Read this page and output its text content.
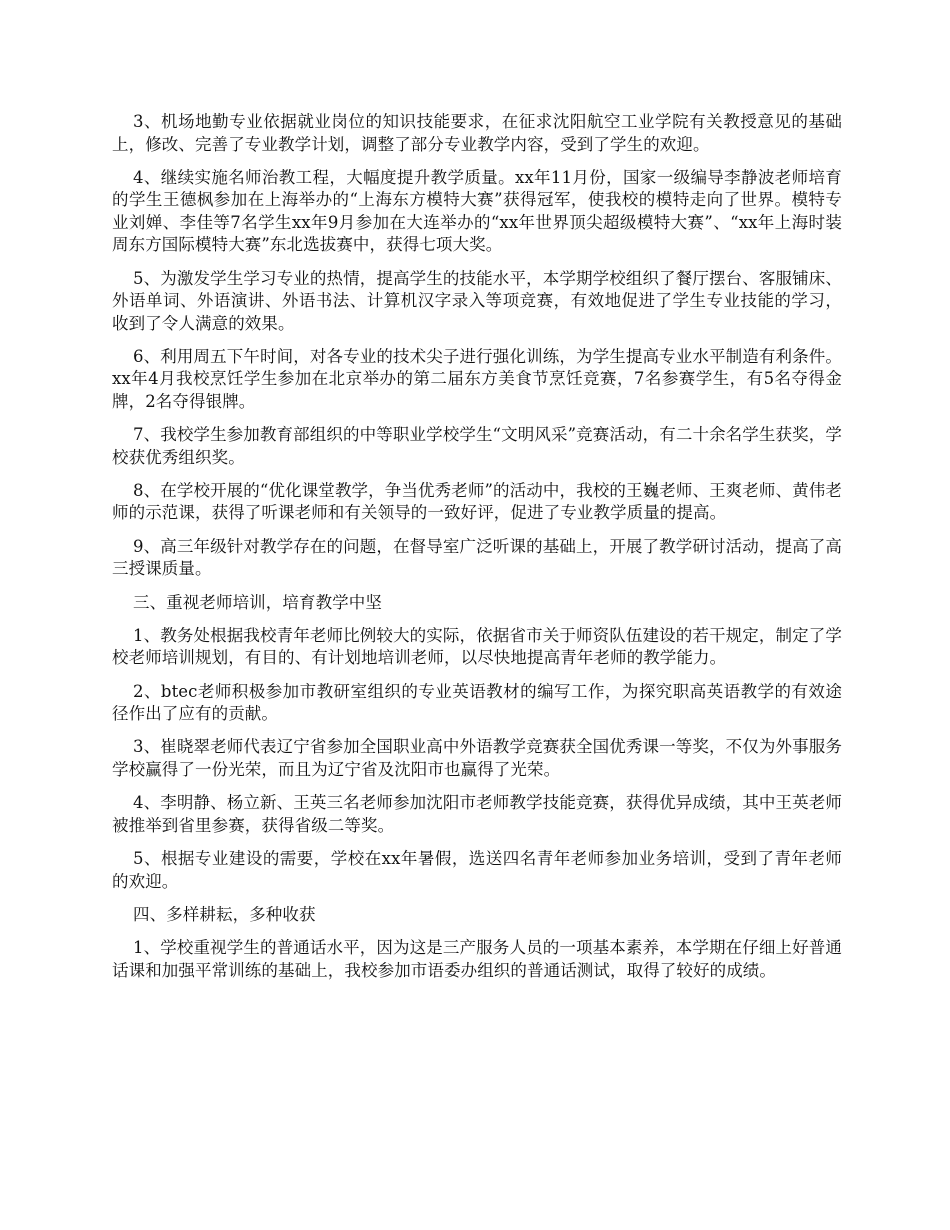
3、机场地勤专业依据就业岗位的知识技能要求，在征求沈阳航空工业学院有关教授意见的基础上，修改、完善了专业教学计划，调整了部分专业教学内容，受到了学生的欢迎。

4、继续实施名师治教工程，大幅度提升教学质量。xx年11月份，国家一级编导李静波老师培育的学生王德枫参加在上海举办的“上海东方模特大赛”获得冠军，使我校的模特走向了世界。模特专业刘婵、李佳等7名学生xx年9月参加在大连举办的“xx年世界顶尖超级模特大赛”、“xx年上海时装周东方国际模特大赛”东北选拔赛中，获得七项大奖。

5、为激发学生学习专业的热情，提高学生的技能水平，本学期学校组织了餐厅摆台、客服铺床、外语单词、外语演讲、外语书法、计算机汉字录入等项竞赛，有效地促进了学生专业技能的学习，收到了令人满意的效果。

6、利用周五下午时间，对各专业的技术尖子进行强化训练，为学生提高专业水平制造有利条件。xx年4月我校烹饪学生参加在北京举办的第二届东方美食节烹饪竞赛，7名参赛学生，有5名夺得金牌，2名夺得银牌。

7、我校学生参加教育部组织的中等职业学校学生“文明风采”竞赛活动，有二十余名学生获奖，学校获优秀组织奖。

8、在学校开展的“优化课堂教学，争当优秀老师”的活动中，我校的王巍老师、王爽老师、黄伟老师的示范课，获得了听课老师和有关领导的一致好评，促进了专业教学质量的提高。

9、高三年级针对教学存在的问题，在督导室广泛听课的基础上，开展了教学研讨活动，提高了高三授课质量。

三、重视老师培训，培育教学中坚

1、教务处根据我校青年老师比例较大的实际，依据省市关于师资队伍建设的若干规定，制定了学校老师培训规划，有目的、有计划地培训老师，以尽快地提高青年老师的教学能力。

2、btec老师积极参加市教研室组织的专业英语教材的编写工作，为探究职高英语教学的有效途径作出了应有的贡献。

3、崔晓翠老师代表辽宁省参加全国职业高中外语教学竞赛获全国优秀课一等奖，不仅为外事服务学校赢得了一份光荣，而且为辽宁省及沈阳市也赢得了光荣。

4、李明静、杨立新、王英三名老师参加沈阳市老师教学技能竞赛，获得优异成绩，其中王英老师被推举到省里参赛，获得省级二等奖。

5、根据专业建设的需要，学校在xx年暑假，选送四名青年老师参加业务培训，受到了青年老师的欢迎。

四、多样耕耘，多种收获

1、学校重视学生的普通话水平，因为这是三产服务人员的一项基本素养，本学期在仔细上好普通话课和加强平常训练的基础上，我校参加市语委办组织的普通话测试，取得了较好的成绩。
